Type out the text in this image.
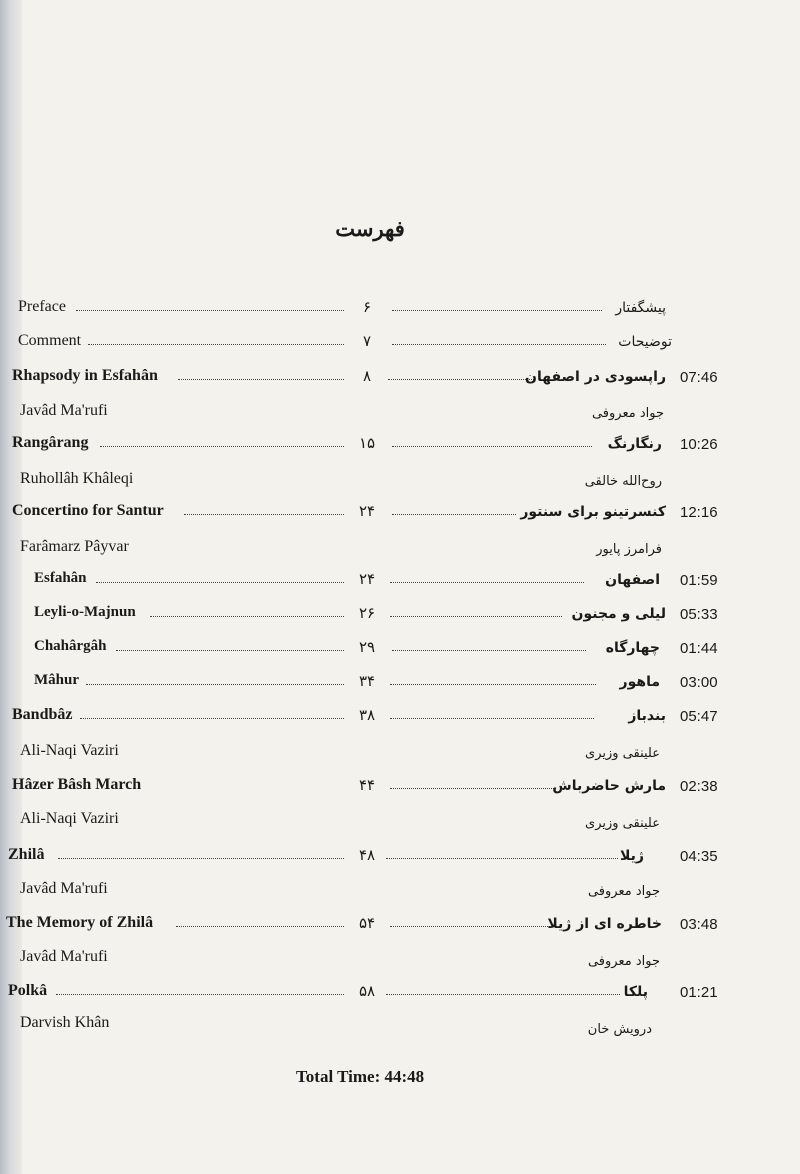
فهرست
Preface	۶	پیشگفتار
Comment	۷	توضیحات
Rhapsody in Esfahân	۸	راپسودی در اصفهان 07:46
Javâd Ma'rufi	جواد معروفی
Rangârang	۱۵	رنگارنگ 10:26
Ruhollâh Khâleqi	روح‌الله خالقی
Concertino for Santur	۲۴	کنسرتینو برای سنتور 12:16
Farâmarz Pâyvar	فرامرز پایور
Esfahân	۲۴	اصفهان 01:59
Leyli-o-Majnun	۲۶	لیلی و مجنون 05:33
Chahârgâh	۲۹	چهارگاه 01:44
Mâhur	۳۴	ماهور 03:00
Bandbâz	۳۸	بندباز 05:47
Ali-Naqi Vaziri	علینقی وزیری
Hâzer Bâsh March	۴۴	مارش حاضرباش 02:38
Ali-Naqi Vaziri	علینقی وزیری
Zhilâ	۴۸	ژیلا 04:35
Javâd Ma'rufi	جواد معروفی
The Memory of Zhilâ	۵۴	خاطره ای از ژیلا 03:48
Javâd Ma'rufi	جواد معروفی
Polkâ	۵۸	پلکا 01:21
Darvish Khân	درویش خان
Total Time: 44:48
